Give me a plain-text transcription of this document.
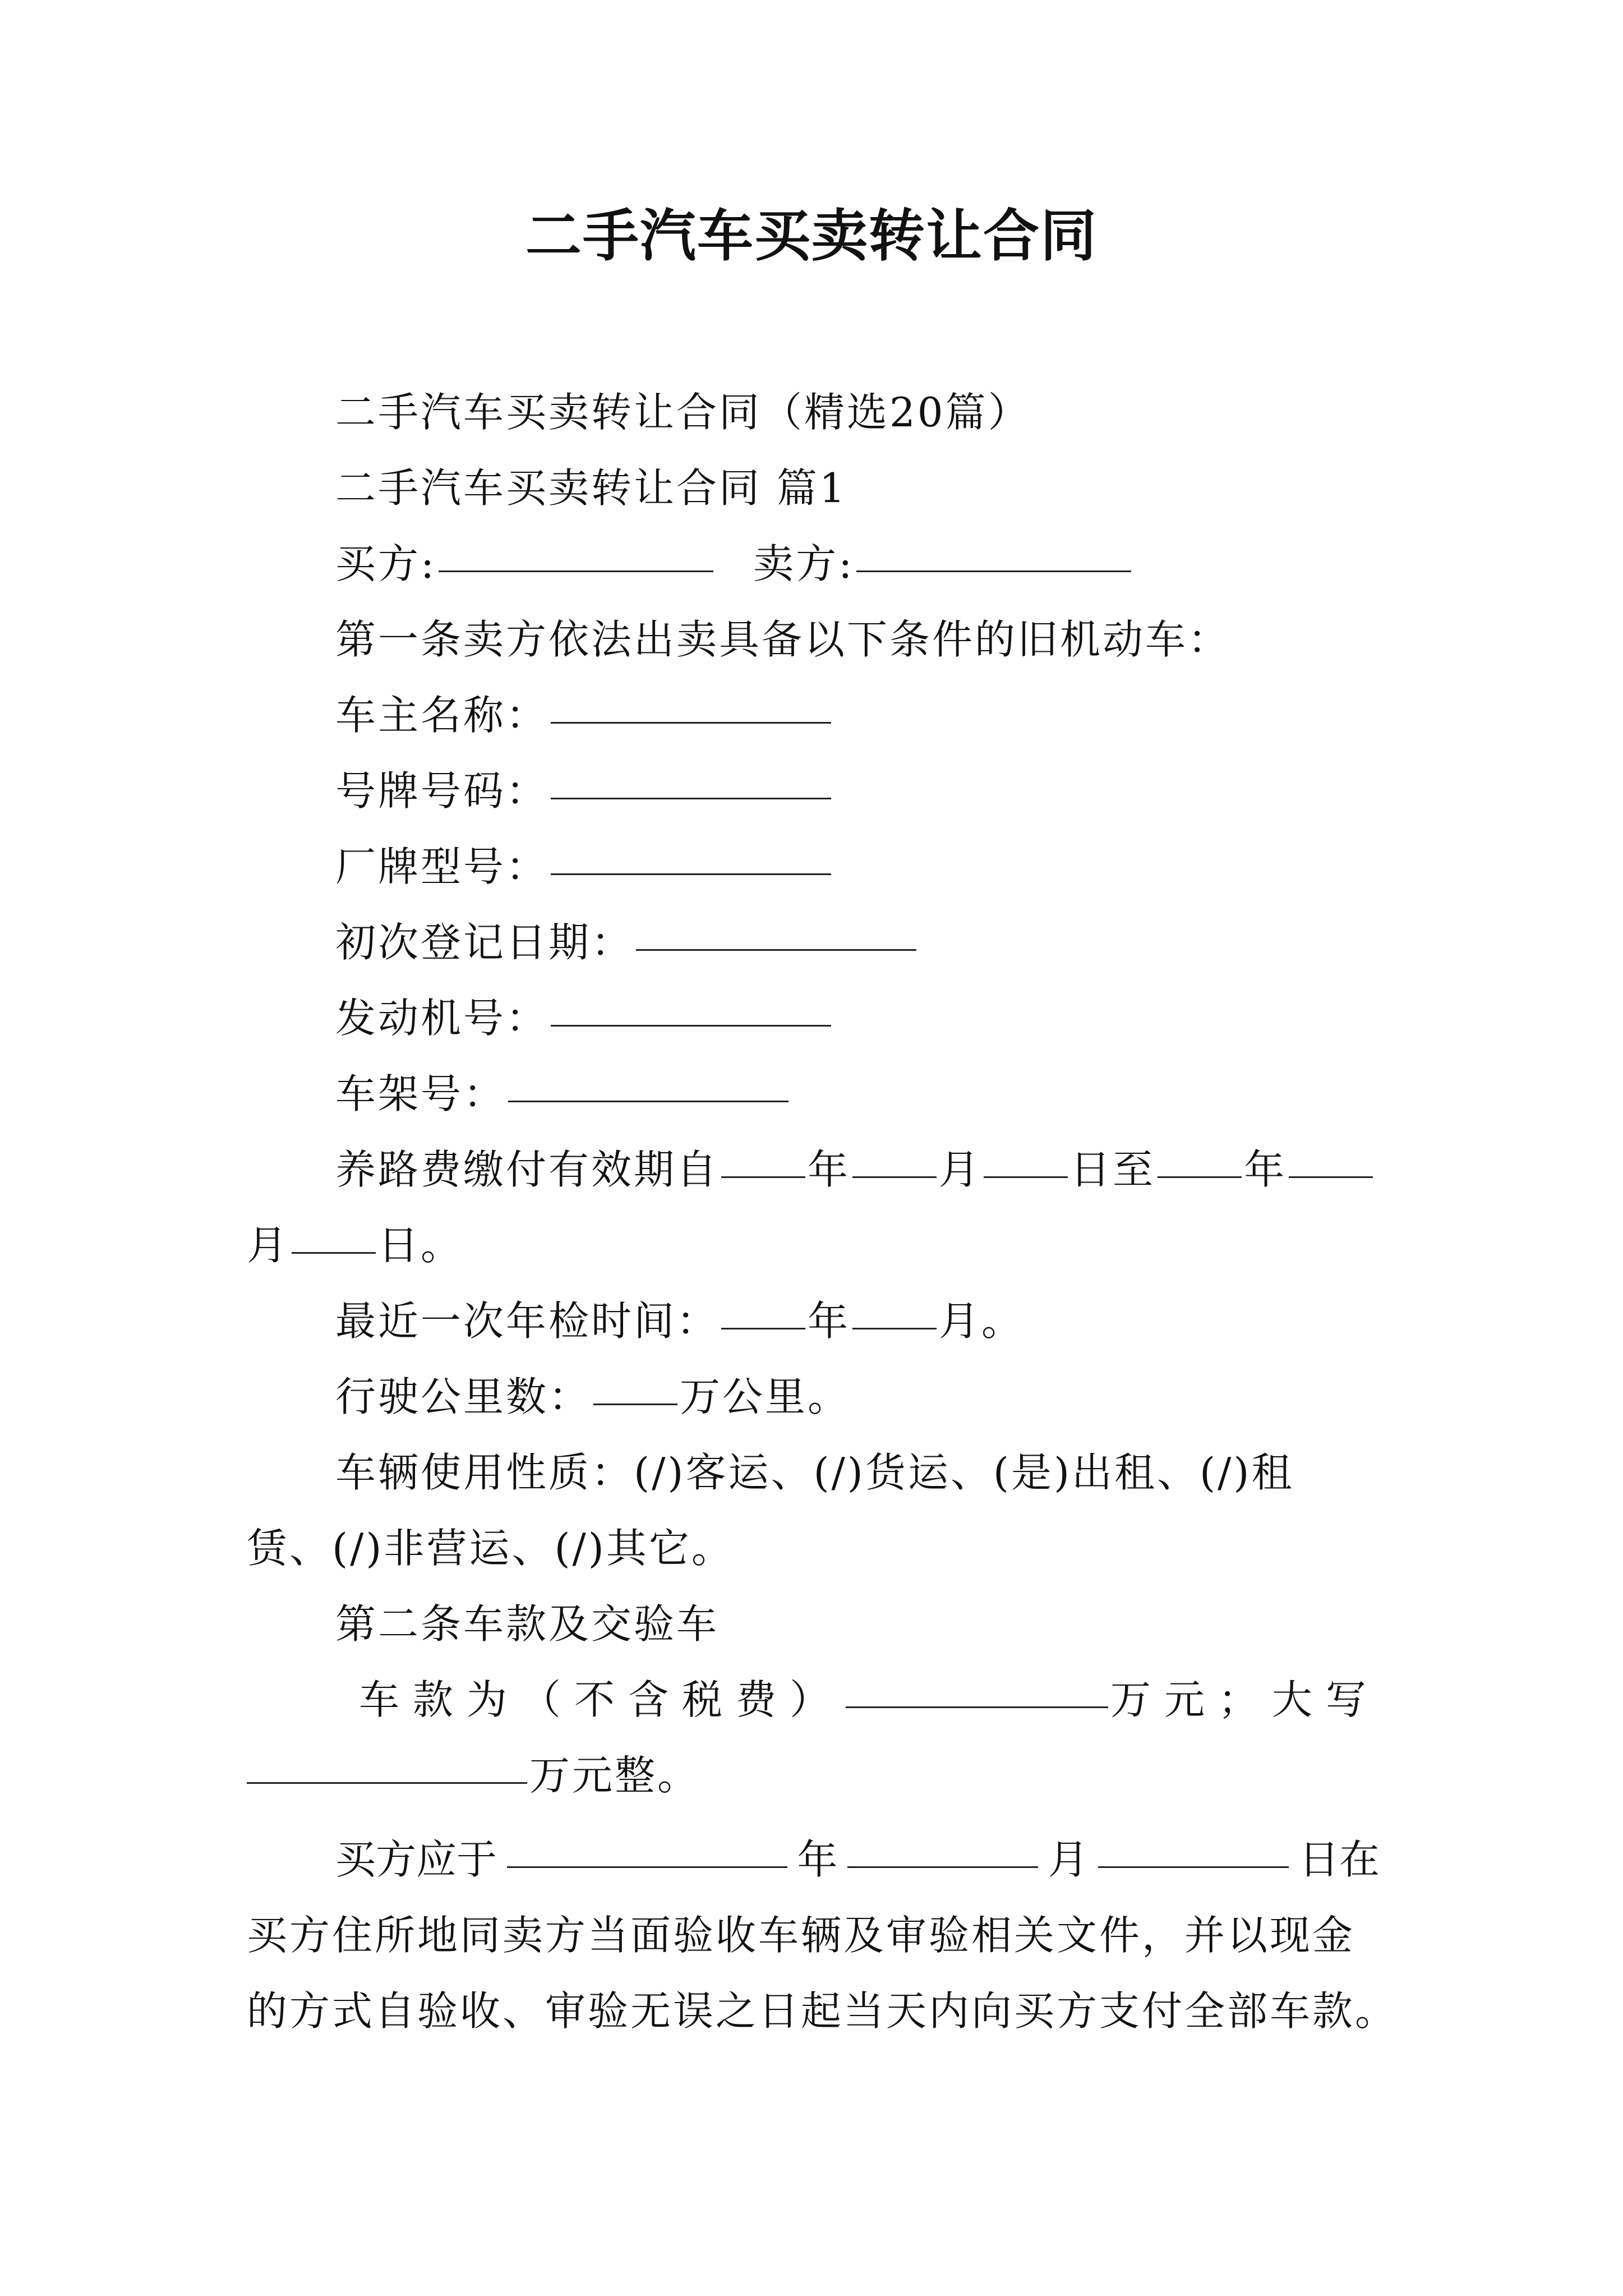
二手汽车买卖转让合同
二手汽车买卖转让合同（精选20篇）
二手汽车买卖转让合同 篇1
买方:	卖方:
第一条卖方依法出卖具备以下条件的旧机动车：
车主名称：
号牌号码：
厂牌型号：
初次登记日期：
发动机号：
车架号：
养路费缴付有效期自 年 月 日至 年
月 日。
最近一次年检时间： 年 月。
行驶公里数： 万公里。
车辆使用性质：(/)客运、(/)货运、(是)出租、(/)租
赁、(/)非营运、(/)其它。
第二条车款及交验车
车款为（不含税费）	万元；大写
万元整。
买方应于	年	月	日在
买方住所地同卖方当面验收车辆及审验相关文件，并以现金
的方式自验收、审验无误之日起当天内向买方支付全部车款。
